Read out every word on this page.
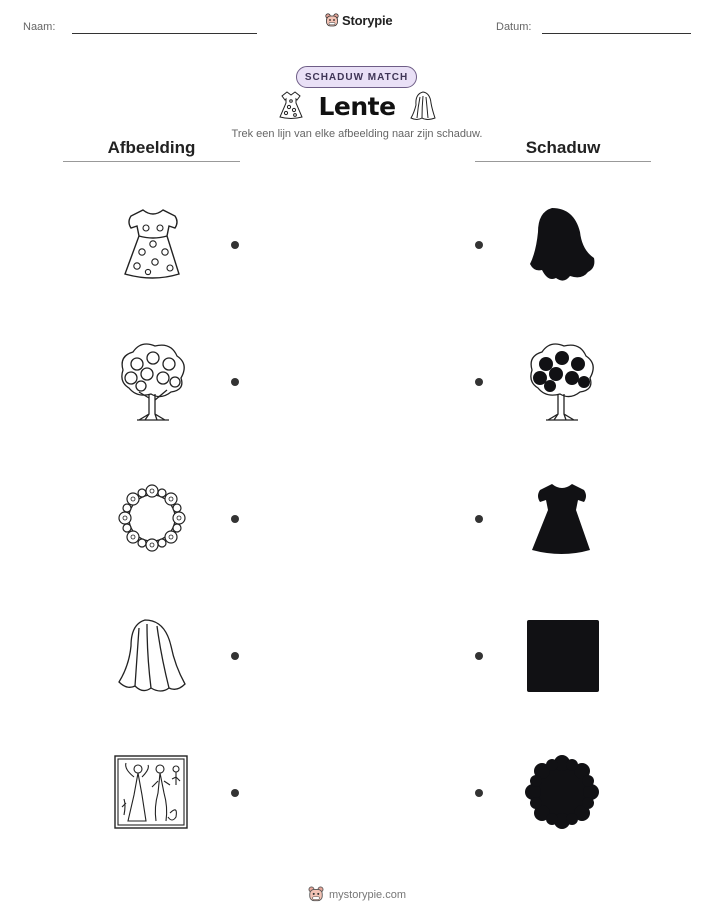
Naam:	Storypie	Datum:
SCHADUW MATCH
Lente
Trek een lijn van elke afbeelding naar zijn schaduw.
Afbeelding	Schaduw
mystorypie.com
